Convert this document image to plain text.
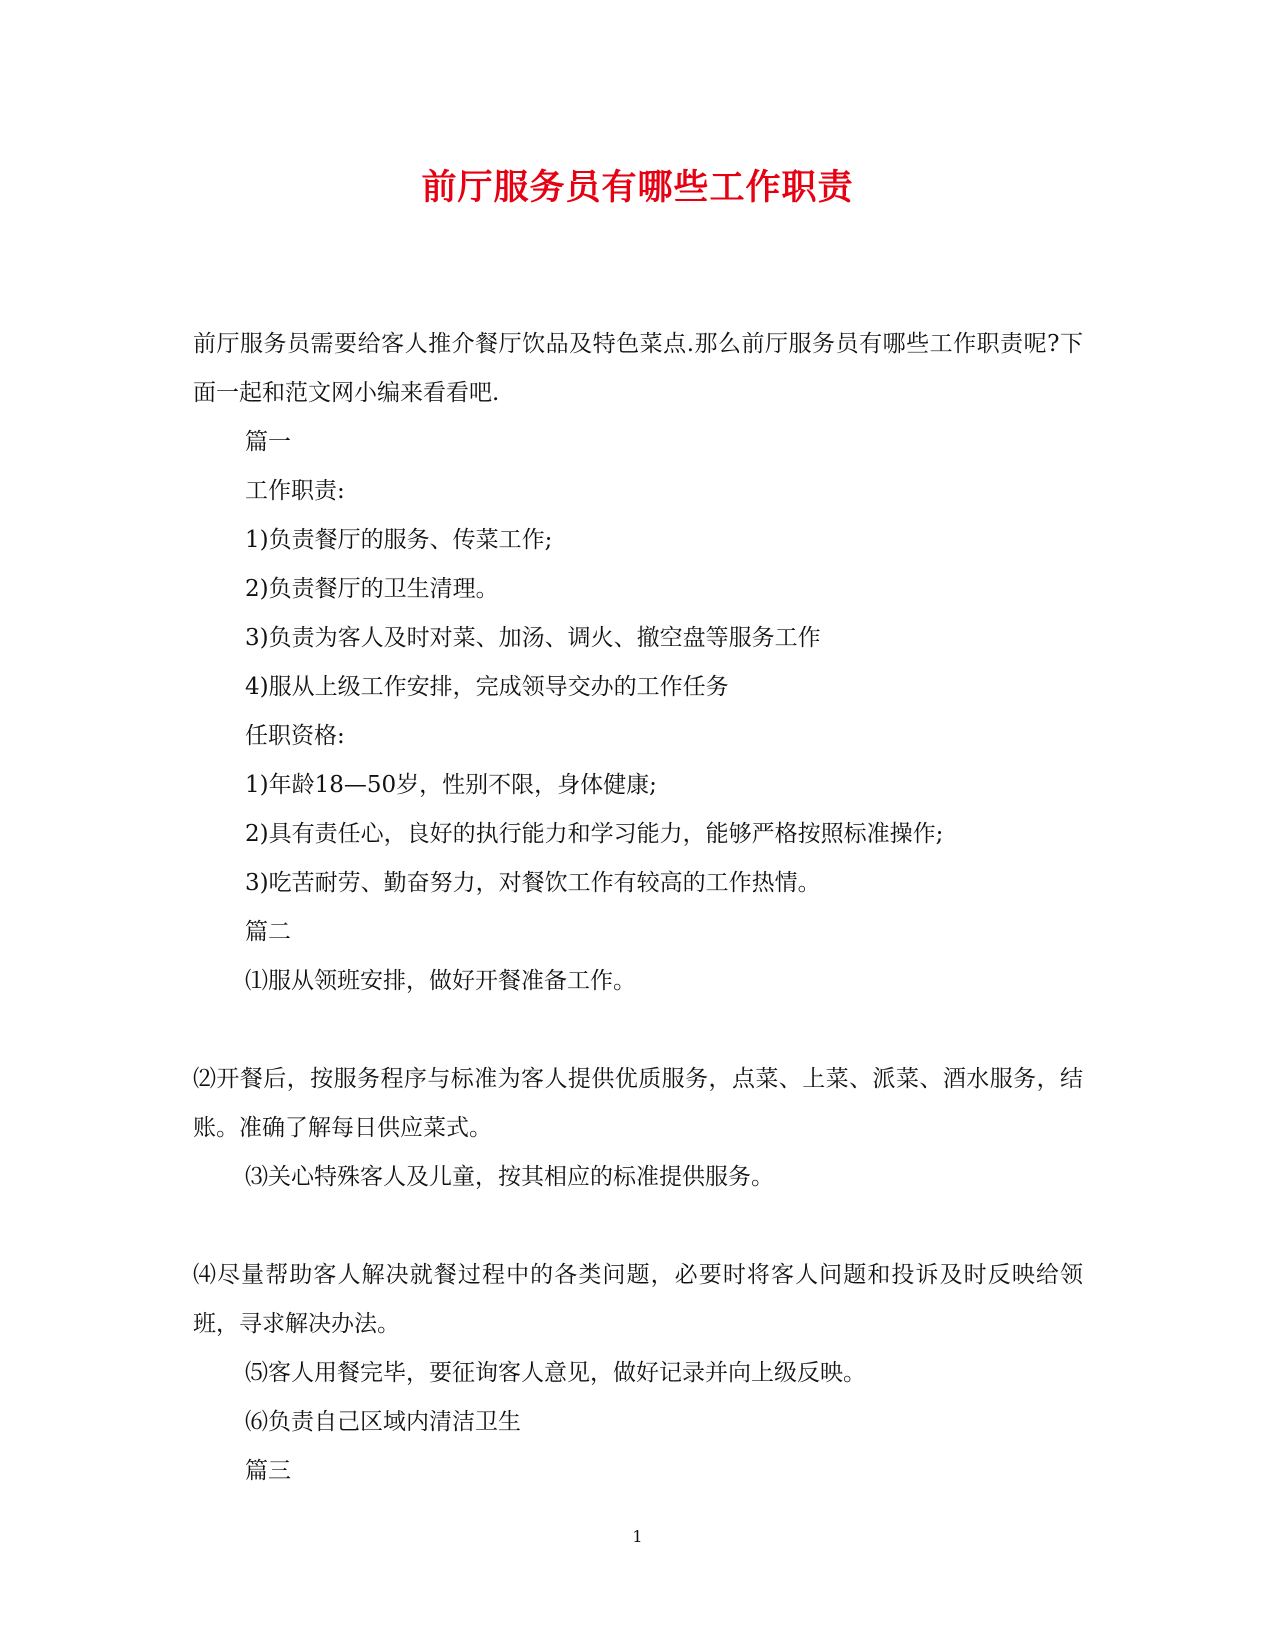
前厅服务员有哪些工作职责

前厅服务员需要给客人推介餐厅饮品及特色菜点.那么前厅服务员有哪些工作职责呢?下面一起和范文网小编来看看吧.

篇一

工作职责:

1)负责餐厅的服务、传菜工作;

2)负责餐厅的卫生清理。

3)负责为客人及时对菜、加汤、调火、撤空盘等服务工作

4)服从上级工作安排，完成领导交办的工作任务

任职资格:

1)年龄18—50岁，性别不限，身体健康;

2)具有责任心，良好的执行能力和学习能力，能够严格按照标准操作;

3)吃苦耐劳、勤奋努力，对餐饮工作有较高的工作热情。

篇二

⑴服从领班安排，做好开餐准备工作。

⑵开餐后，按服务程序与标准为客人提供优质服务，点菜、上菜、派菜、酒水服务，结账。准确了解每日供应菜式。

⑶关心特殊客人及儿童，按其相应的标准提供服务。

⑷尽量帮助客人解决就餐过程中的各类问题，必要时将客人问题和投诉及时反映给领班，寻求解决办法。

⑸客人用餐完毕，要征询客人意见，做好记录并向上级反映。

⑹负责自己区域内清洁卫生

篇三

1
